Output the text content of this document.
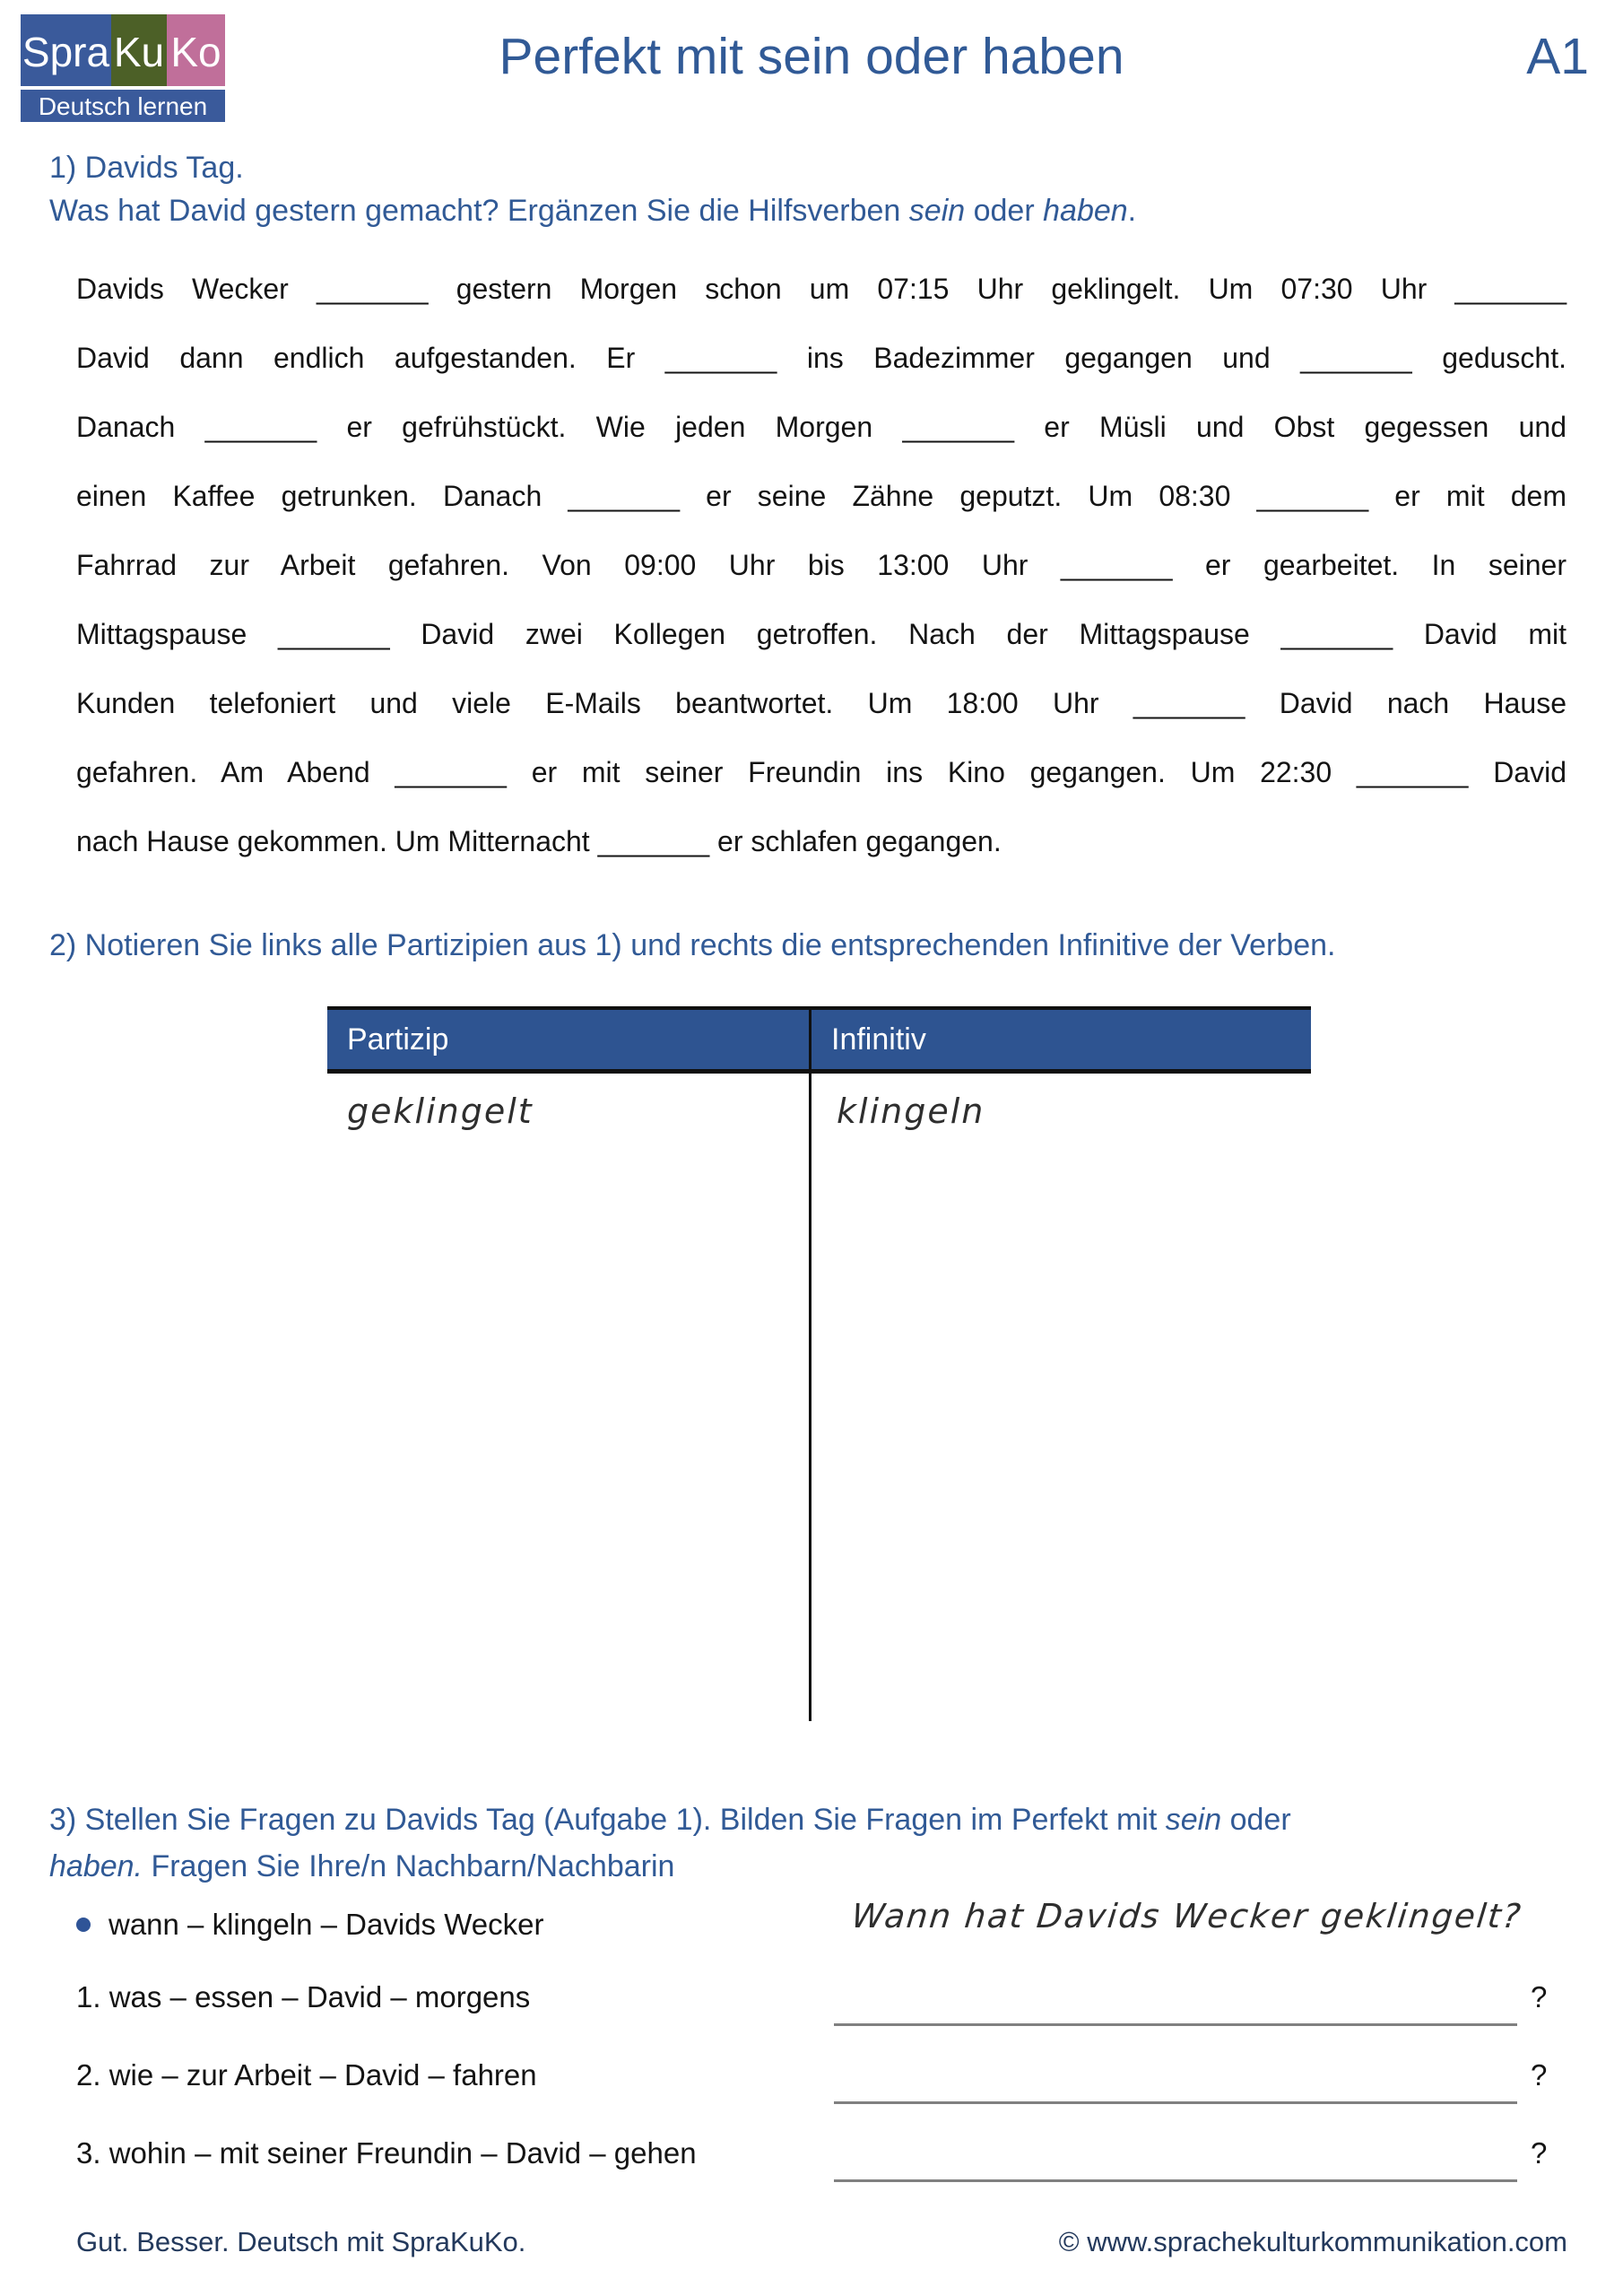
Spra Ku Ko
Deutsch lernen
Perfekt mit sein oder haben	A1
1) Davids Tag.
Was hat David gestern gemacht? Ergänzen Sie die Hilfsverben sein oder haben.
Davids Wecker _______ gestern Morgen schon um 07:15 Uhr geklingelt. Um 07:30 Uhr _______
David dann endlich aufgestanden. Er _______ ins Badezimmer gegangen und _______ geduscht.
Danach _______ er gefrühstückt. Wie jeden Morgen _______ er Müsli und Obst gegessen und
einen Kaffee getrunken. Danach _______ er seine Zähne geputzt. Um 08:30 _______ er mit dem
Fahrrad zur Arbeit gefahren. Von 09:00 Uhr bis 13:00 Uhr _______ er gearbeitet. In seiner
Mittagspause _______ David zwei Kollegen getroffen. Nach der Mittagspause _______ David mit
Kunden telefoniert und viele E-Mails beantwortet. Um 18:00 Uhr _______ David nach Hause
gefahren. Am Abend _______ er mit seiner Freundin ins Kino gegangen. Um 22:30 _______ David
nach Hause gekommen. Um Mitternacht _______ er schlafen gegangen.
2) Notieren Sie links alle Partizipien aus 1) und rechts die entsprechenden Infinitive der Verben.
Partizip	Infinitiv
geklingelt	klingeln
3) Stellen Sie Fragen zu Davids Tag (Aufgabe 1). Bilden Sie Fragen im Perfekt mit sein oder
haben. Fragen Sie Ihre/n Nachbarn/Nachbarin
wann – klingeln – Davids Wecker	Wann hat Davids Wecker geklingelt?
1. was – essen – David – morgens	?
2. wie – zur Arbeit – David – fahren	?
3. wohin – mit seiner Freundin – David – gehen	?
Gut. Besser. Deutsch mit SpraKuKo.	© www.sprachekulturkommunikation.com
